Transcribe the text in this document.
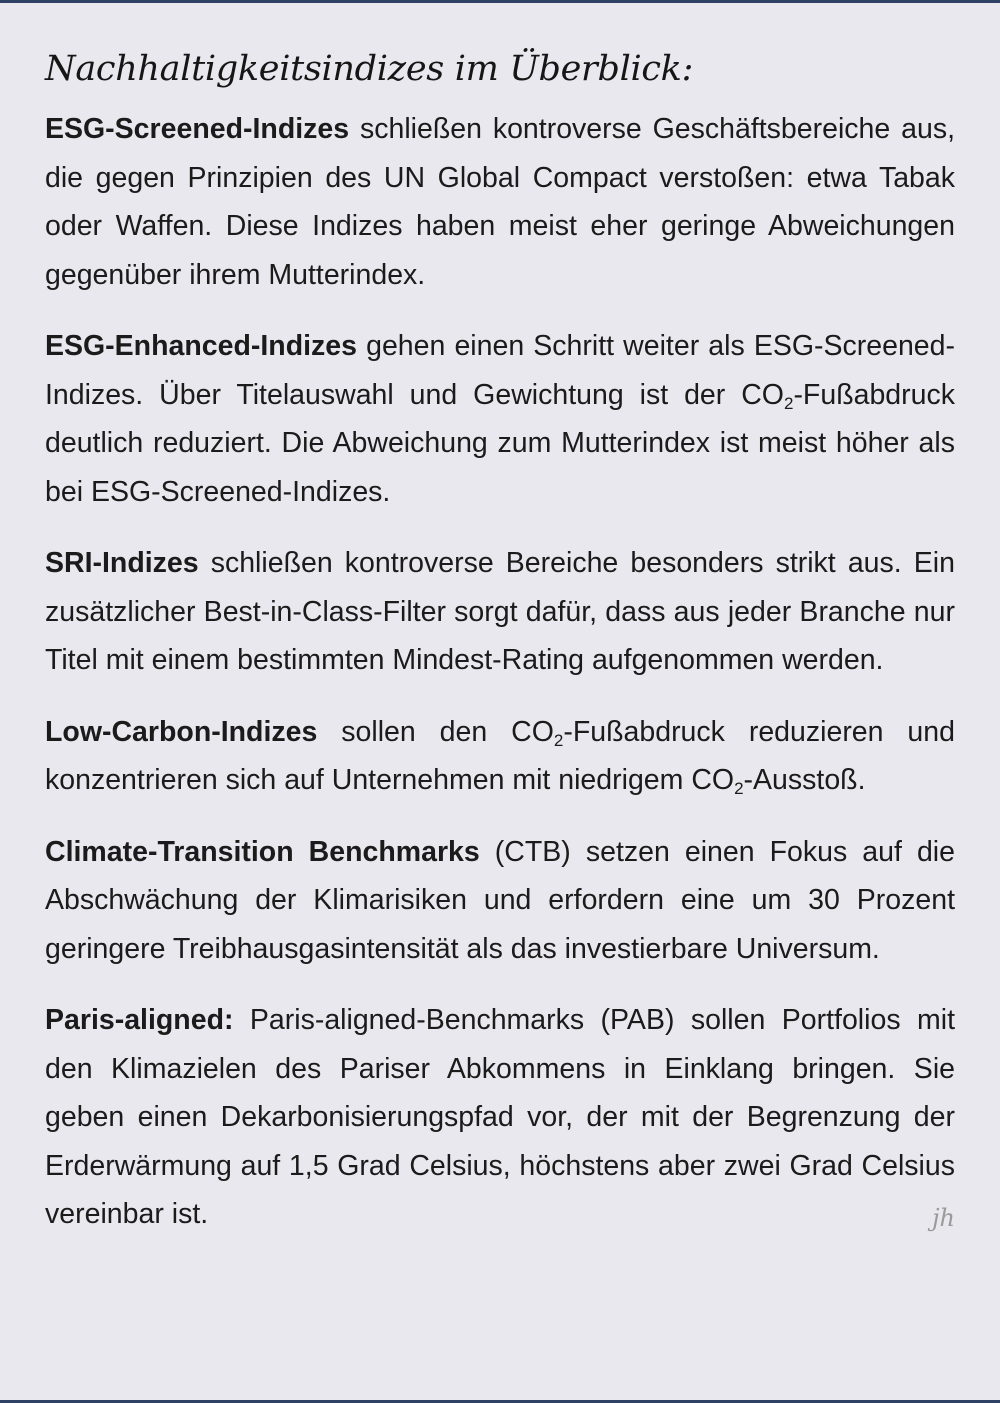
Nachhaltigkeitsindizes im Überblick:

ESG-Screened-Indizes schließen kontroverse Geschäftsbereiche aus, die gegen Prinzipien des UN Global Compact verstoßen: etwa Tabak oder Waffen. Diese Indizes haben meist eher geringe Abweichungen gegenüber ihrem Mutterindex.

ESG-Enhanced-Indizes gehen einen Schritt weiter als ESG-Screened-Indizes. Über Titelauswahl und Gewichtung ist der $CO_2$-Fußabdruck deutlich reduziert. Die Abweichung zum Mutterindex ist meist höher als bei ESG-Screened-Indizes.

SRI-Indizes schließen kontroverse Bereiche besonders strikt aus. Ein zusätzlicher Best-in-Class-Filter sorgt dafür, dass aus jeder Branche nur Titel mit einem bestimmten Mindest-Rating aufgenommen werden.

Low-Carbon-Indizes sollen den $CO_2$-Fußabdruck reduzieren und konzentrieren sich auf Unternehmen mit niedrigem $CO_2$-Ausstoß.

Climate-Transition Benchmarks (CTB) setzen einen Fokus auf die Abschwächung der Klimarisiken und erfordern eine um 30 Prozent geringere Treibhausgasintensität als das investierbare Universum.

Paris-aligned: Paris-aligned-Benchmarks (PAB) sollen Portfolios mit den Klimazielen des Pariser Abkommens in Einklang bringen. Sie geben einen Dekarbonisierungspfad vor, der mit der Begrenzung der Erderwärmung auf 1,5 Grad Celsius, höchstens aber zwei Grad Celsius vereinbar ist.	jh
